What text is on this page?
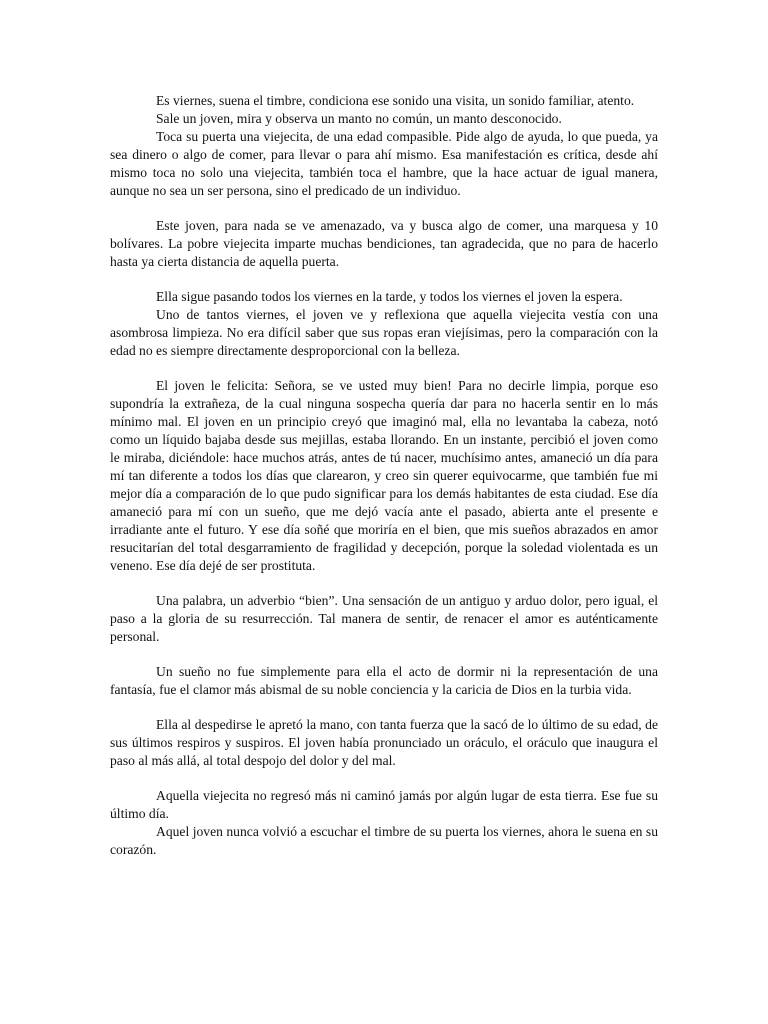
Es viernes, suena el timbre, condiciona ese sonido una visita, un sonido familiar, atento.

Sale un joven, mira y observa un manto no común, un manto desconocido.

Toca su puerta una viejecita, de una edad compasible. Pide algo de ayuda, lo que pueda, ya sea dinero o algo de comer, para llevar o para ahí mismo. Esa manifestación es crítica, desde ahí mismo toca no solo una viejecita, también toca el hambre, que la hace actuar de igual manera, aunque no sea un ser persona, sino el predicado de un individuo.

Este joven, para nada se ve amenazado, va y busca algo de comer, una marquesa y 10 bolívares. La pobre viejecita imparte muchas bendiciones, tan agradecida, que no para de hacerlo hasta ya cierta distancia de aquella puerta.

Ella sigue pasando todos los viernes en la tarde, y todos los viernes el joven la espera.

Uno de tantos viernes, el joven ve y reflexiona que aquella viejecita vestía con una asombrosa limpieza. No era difícil saber que sus ropas eran viejísimas, pero la comparación con la edad no es siempre directamente desproporcional con la belleza.

El joven le felicita: Señora, se ve usted muy bien! Para no decirle limpia, porque eso supondría la extrañeza, de la cual ninguna sospecha quería dar para no hacerla sentir en lo más mínimo mal. El joven en un principio creyó que imaginó mal, ella no levantaba la cabeza, notó como un líquido bajaba desde sus mejillas, estaba llorando. En un instante, percibió el joven como le miraba, diciéndole: hace muchos atrás, antes de tú nacer, muchísimo antes, amaneció un día para mí tan diferente a todos los días que clarearon, y creo sin querer equivocarme, que también fue mi mejor día a comparación de lo que pudo significar para los demás habitantes de esta ciudad. Ese día amaneció para mí con un sueño, que me dejó vacía ante el pasado, abierta ante el presente e irradiante ante el futuro. Y ese día soñé que moriría en el bien, que mis sueños abrazados en amor resucitarían del total desgarramiento de fragilidad y decepción, porque la soledad violentada es un veneno. Ese día dejé de ser prostituta.

Una palabra, un adverbio “bien”. Una sensación de un antiguo y arduo dolor, pero igual, el paso a la gloria de su resurrección. Tal manera de sentir, de renacer el amor es auténticamente personal.

Un sueño no fue simplemente para ella el acto de dormir ni la representación de una fantasía, fue el clamor más abismal de su noble conciencia y la caricia de Dios en la turbia vida.

Ella al despedirse le apretó la mano, con tanta fuerza que la sacó de lo último de su edad, de sus últimos respiros y suspiros. El joven había pronunciado un oráculo, el oráculo que inaugura el paso al más allá, al total despojo del dolor y del mal.

Aquella viejecita no regresó más ni caminó jamás por algún lugar de esta tierra. Ese fue su último día.

Aquel joven nunca volvió a escuchar el timbre de su puerta los viernes, ahora le suena en su corazón.
